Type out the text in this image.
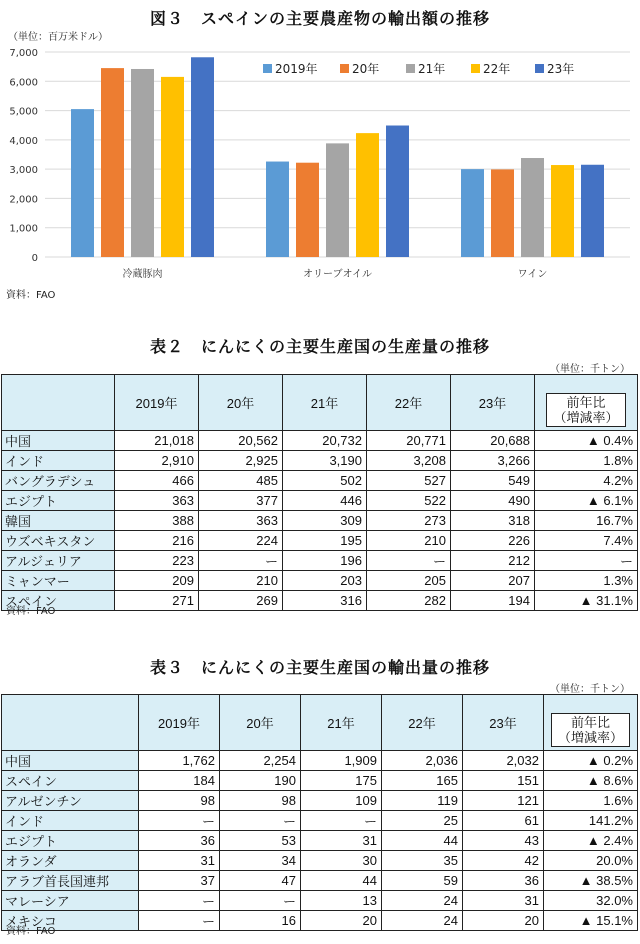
図３　スペインの主要農産物の輸出額の推移
（単位：百万米ドル）
0
1,000
2,000
3,000
4,000
5,000
6,000
7,000
冷蔵豚肉	オリーブオイル	ワイン
2019年	20年	21年	22年	23年
資料：FAO
表２　にんにくの主要生産国の生産量の推移
（単位：千トン）
	2019年	20年	21年	22年	23年	前年比
（増減率）
中国	21,018	20,562	20,732	20,771	20,688	▲ 0.4%
インド	2,910	2,925	3,190	3,208	3,266	1.8%
バングラデシュ	466	485	502	527	549	4.2%
エジプト	363	377	446	522	490	▲ 6.1%
韓国	388	363	309	273	318	16.7%
ウズベキスタン	216	224	195	210	226	7.4%
アルジェリア	223	ー	196	ー	212	ー
ミャンマー	209	210	203	205	207	1.3%
スペイン	271	269	316	282	194	▲ 31.1%
資料：FAO
表３　にんにくの主要生産国の輸出量の推移
（単位：千トン）
	2019年	20年	21年	22年	23年	前年比
（増減率）
中国	1,762	2,254	1,909	2,036	2,032	▲ 0.2%
スペイン	184	190	175	165	151	▲ 8.6%
アルゼンチン	98	98	109	119	121	1.6%
インド	ー	ー	ー	25	61	141.2%
エジプト	36	53	31	44	43	▲ 2.4%
オランダ	31	34	30	35	42	20.0%
アラブ首長国連邦	37	47	44	59	36	▲ 38.5%
マレーシア	ー	ー	13	24	31	32.0%
メキシコ	ー	16	20	24	20	▲ 15.1%
資料：FAO
